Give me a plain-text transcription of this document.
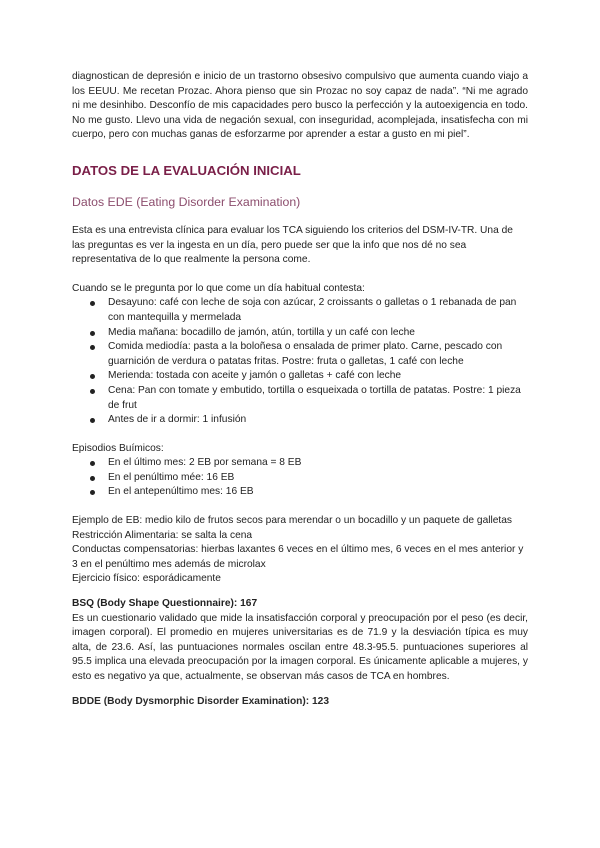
diagnostican de depresión e inicio de un trastorno obsesivo compulsivo que aumenta cuando viajo a los EEUU. Me recetan Prozac. Ahora pienso que sin Prozac no soy capaz de nada”. “Ni me agrado ni me desinhibo. Desconfío de mis capacidades pero busco la perfección y la autoexigencia en todo. No me gusto. Llevo una vida de negación sexual, con inseguridad, acomplejada, insatisfecha con mi cuerpo, pero con muchas ganas de esforzarme por aprender a estar a gusto en mi piel”.

DATOS DE LA EVALUACIÓN INICIAL

Datos EDE (Eating Disorder Examination)

Esta es una entrevista clínica para evaluar los TCA siguiendo los criterios del DSM-IV-TR. Una de las preguntas es ver la ingesta en un día, pero puede ser que la info que nos dé no sea representativa de lo que realmente la persona come.

Cuando se le pregunta por lo que come un día habitual contesta:

Desayuno: café con leche de soja con azúcar, 2 croissants o galletas o 1 rebanada de pan con mantequilla y mermelada
Media mañana: bocadillo de jamón, atún, tortilla y un café con leche
Comida mediodía: pasta a la boloñesa o ensalada de primer plato. Carne, pescado con guarnición de verdura o patatas fritas. Postre: fruta o galletas, 1 café con leche
Merienda: tostada con aceite y jamón o galletas + café con leche
Cena: Pan con tomate y embutido, tortilla o esqueixada o tortilla de patatas. Postre: 1 pieza de frut
Antes de ir a dormir: 1 infusión

Episodios Buímicos:

En el último mes: 2 EB por semana = 8 EB
En el penúltimo mée: 16 EB
En el antepenúltimo mes: 16 EB

Ejemplo de EB: medio kilo de frutos secos para merendar o un bocadillo y un paquete de galletas

Restricción Alimentaria: se salta la cena

Conductas compensatorias: hierbas laxantes 6 veces en el último mes, 6 veces en el mes anterior y 3 en el penúltimo mes además de microlax

Ejercicio físico: esporádicamente

BSQ (Body Shape Questionnaire): 167

Es un cuestionario validado que mide la insatisfacción corporal y preocupación por el peso (es decir, imagen corporal). El promedio en mujeres universitarias es de 71.9 y la desviación típica es muy alta, de 23.6. Así, las puntuaciones normales oscilan entre 48.3-95.5. puntuaciones superiores al 95.5 implica una elevada preocupación por la imagen corporal. Es únicamente aplicable a mujeres, y esto es negativo ya que, actualmente, se observan más casos de TCA en hombres.

BDDE (Body Dysmorphic Disorder Examination): 123
